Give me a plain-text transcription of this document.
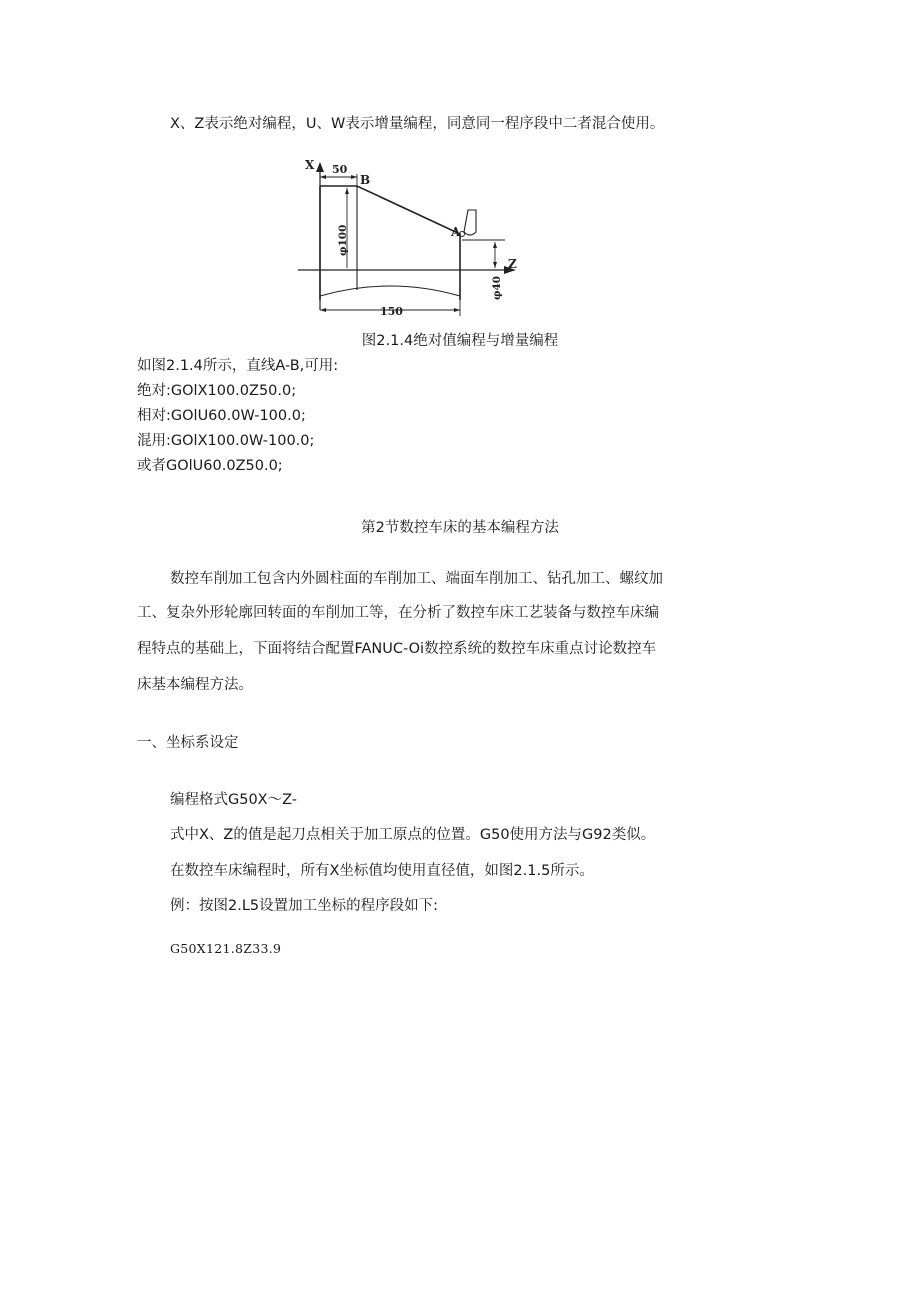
X、Z表示绝对编程，U、W表示增量编程，同意同一程序段中二者混合使用。
X
Z
50
B
φ100	A
φ40
150
图2.1.4绝对值编程与增量编程
如图2.1.4所示，直线A-B,可用:
绝对:GOlX100.0Z50.0;
相对:GOlU60.0W-100.0;
混用:GOlX100.0W-100.0;
或者GOlU60.0Z50.0;
第2节数控车床的基本编程方法
数控车削加工包含内外圆柱面的车削加工、端面车削加工、钻孔加工、螺纹加
工、复杂外形轮廓回转面的车削加工等，在分析了数控车床工艺装备与数控车床编
程特点的基础上，下面将结合配置FANUC-Oi数控系统的数控车床重点讨论数控车
床基本编程方法。
一、坐标系设定
编程格式G50X〜Z-
式中X、Z的值是起刀点相关于加工原点的位置。G50使用方法与G92类似。
在数控车床编程时，所有X坐标值均使用直径值，如图2.1.5所示。
例：按图2.L5设置加工坐标的程序段如下:
G50X121.8Z33.9
